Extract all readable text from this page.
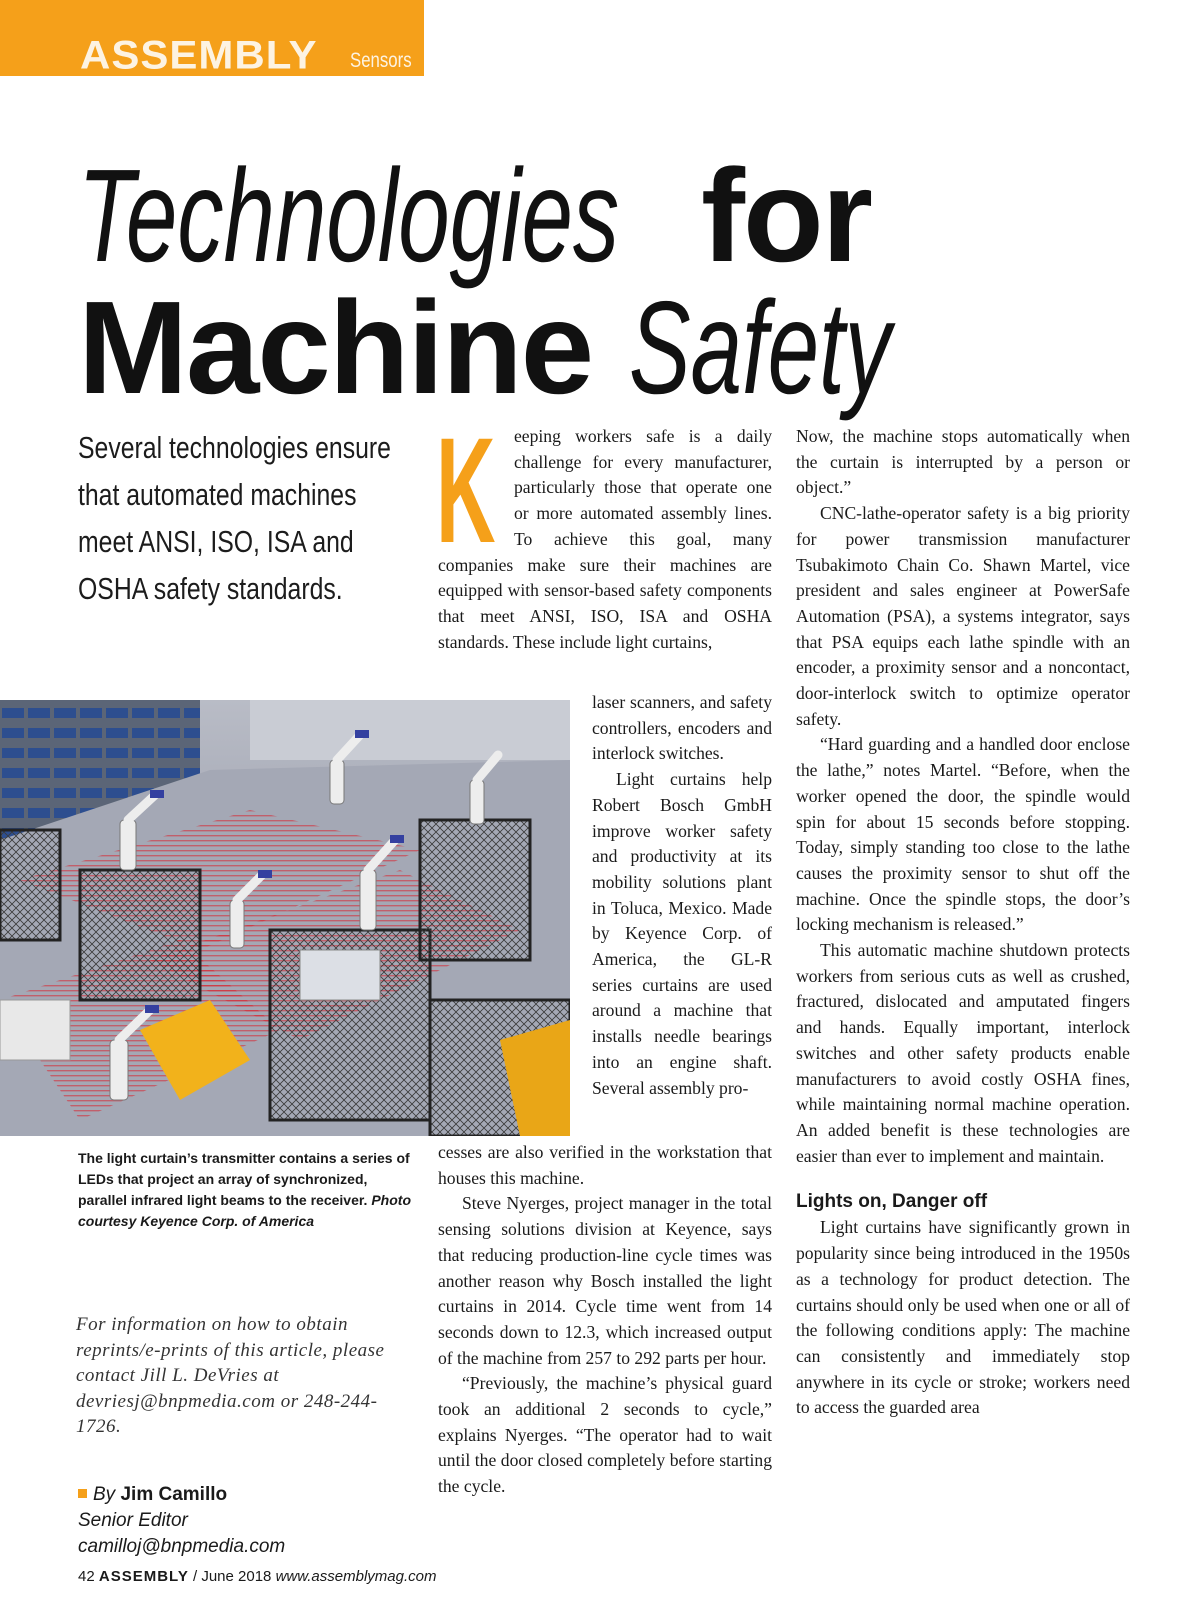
ASSEMBLY Sensors
Technologies for
Machine Safety
Several technologies ensure
that automated machines
meet ANSI, ISO, ISA and
OSHA safety standards.
The light curtain’s transmitter contains a series of LEDs that project an array of synchronized, parallel infrared light beams to the receiver. Photo courtesy Keyence Corp. of America
For information on how to obtain reprints/e-prints of this article, please contact Jill L. DeVries at devriesj@bnpmedia.com or 248-244-1726.
By Jim Camillo
Senior Editor
camilloj@bnpmedia.com

K eeping workers safe is a daily challenge for every manufacturer, particularly those that operate one or more automated assembly lines. To achieve this goal, many companies make sure their machines are equipped with sensor-based safety components that meet ANSI, ISO, ISA and OSHA standards. These include light curtains,

laser scanners, and safety controllers, encoders and interlock switches.

Light curtains help Robert Bosch GmbH improve worker safety and productivity at its mobility solutions plant in Toluca, Mexico. Made by Keyence Corp. of America, the GL-R series curtains are used around a machine that installs needle bearings into an engine shaft. Several assembly pro-

cesses are also verified in the workstation that houses this machine.

Steve Nyerges, project manager in the total sensing solutions division at Keyence, says that reducing production-line cycle times was another reason why Bosch installed the light curtains in 2014. Cycle time went from 14 seconds down to 12.3, which increased output of the machine from 257 to 292 parts per hour.

“Previously, the machine’s physical guard took an additional 2 seconds to cycle,” explains Nyerges. “The operator had to wait until the door closed completely before starting the cycle.

Now, the machine stops automatically when the curtain is interrupted by a person or object.”

CNC-lathe-operator safety is a big priority for power transmission manufacturer Tsubakimoto Chain Co. Shawn Martel, vice president and sales engineer at PowerSafe Automation (PSA), a systems integrator, says that PSA equips each lathe spindle with an encoder, a proximity sensor and a noncontact, door-interlock switch to optimize operator safety.

“Hard guarding and a handled door enclose the lathe,” notes Martel. “Before, when the worker opened the door, the spindle would spin for about 15 seconds before stopping. Today, simply standing too close to the lathe causes the proximity sensor to shut off the machine. Once the spindle stops, the door’s locking mechanism is released.”

This automatic machine shutdown protects workers from serious cuts as well as crushed, fractured, dislocated and amputated fingers and hands. Equally important, interlock switches and other safety products enable manufacturers to avoid costly OSHA fines, while maintaining normal machine operation. An added benefit is these technologies are easier than ever to implement and maintain.

Lights on, Danger off

Light curtains have significantly grown in popularity since being introduced in the 1950s as a technology for product detection. The curtains should only be used when one or all of the following conditions apply: The machine can consistently and immediately stop anywhere in its cycle or stroke; workers need to access the guarded area

42 ASSEMBLY / June 2018 www.assemblymag.com
